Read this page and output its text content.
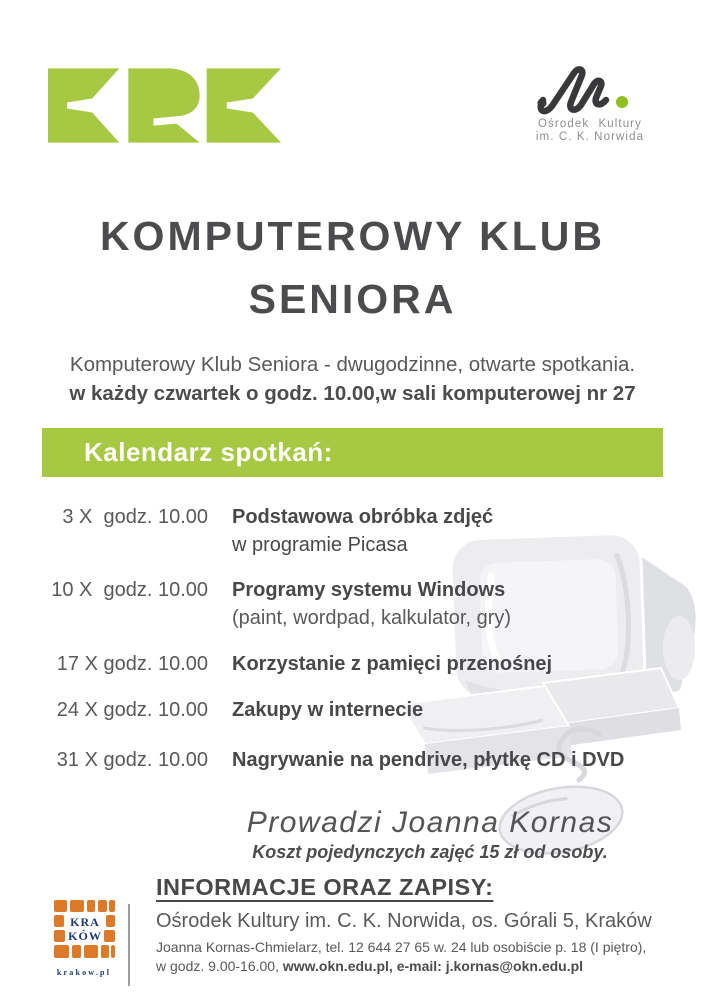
Ośrodek Kultury
im. C. K. Norwida
KOMPUTEROWY KLUB
SENIORA
Komputerowy Klub Seniora - dwugodzinne, otwarte spotkania.
w każdy czwartek o godz. 10.00,w sali komputerowej nr 27
Kalendarz spotkań:
3 X  godz. 10.00 Podstawowa obróbka zdjęć
w programie Picasa
10 X  godz. 10.00 Programy systemu Windows
(paint, wordpad, kalkulator, gry)
17 X godz. 10.00 Korzystanie z pamięci przenośnej
24 X godz. 10.00 Zakupy w internecie
31 X godz. 10.00 Nagrywanie na pendrive, płytkę CD i DVD
Prowadzi Joanna Kornas
Koszt pojedynczych zajęć 15 zł od osoby.
KRA
KÓW
krakow.pl
INFORMACJE ORAZ ZAPISY:
Ośrodek Kultury im. C. K. Norwida, os. Górali 5, Kraków
Joanna Kornas-Chmielarz, tel. 12 644 27 65 w. 24 lub osobiście p. 18 (I piętro),
w godz. 9.00-16.00, www.okn.edu.pl, e-mail: j.kornas@okn.edu.pl
